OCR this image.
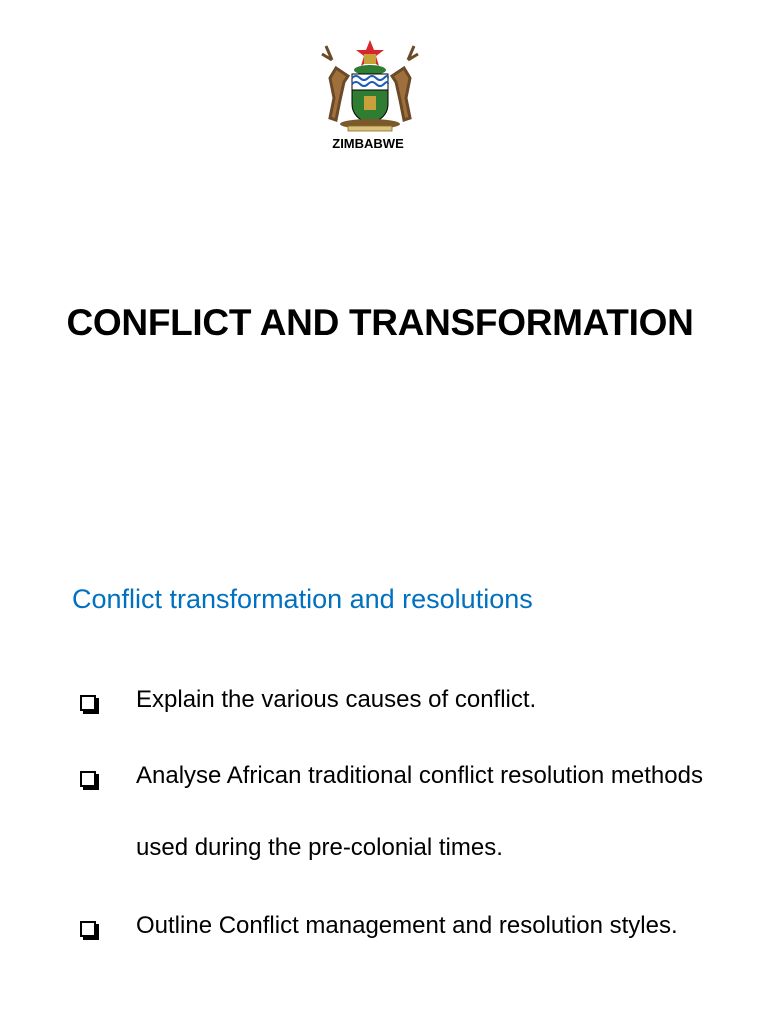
ZIMBABWE
CONFLICT AND TRANSFORMATION
Conflict transformation and resolutions
Explain the various causes of conflict.
Analyse African traditional conflict resolution methods used during the pre-colonial times.
Outline Conflict management and resolution styles.
